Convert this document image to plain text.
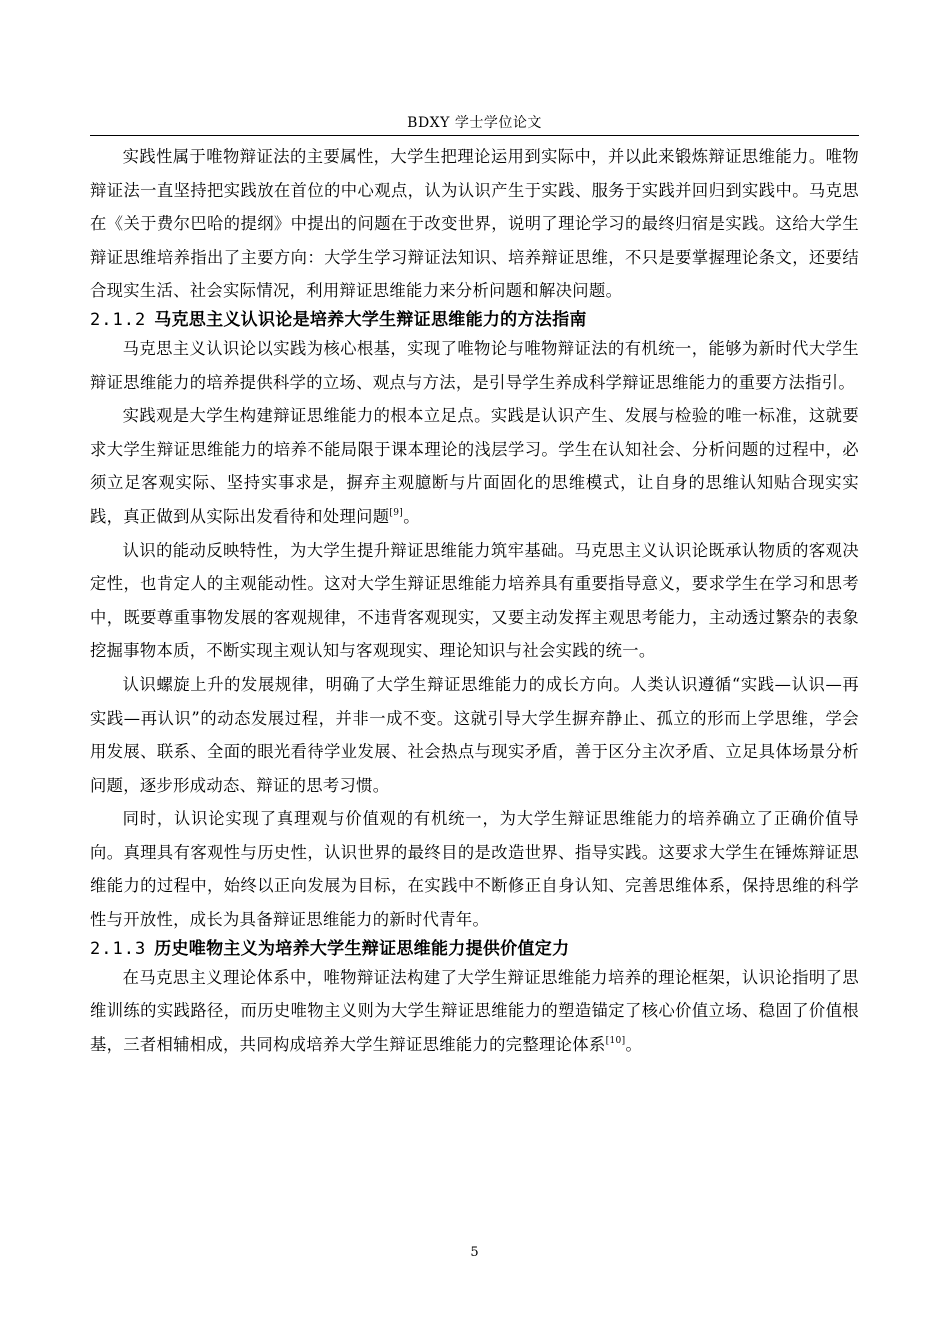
BDXY 学士学位论文

实践性属于唯物辩证法的主要属性，大学生把理论运用到实际中，并以此来锻炼辩证思维能力。唯物辩证法一直坚持把实践放在首位的中心观点，认为认识产生于实践、服务于实践并回归到实践中。马克思在《关于费尔巴哈的提纲》中提出的问题在于改变世界，说明了理论学习的最终归宿是实践。这给大学生辩证思维培养指出了主要方向：大学生学习辩证法知识、培养辩证思维，不只是要掌握理论条文，还要结合现实生活、社会实际情况，利用辩证思维能力来分析问题和解决问题。

2.1.2 马克思主义认识论是培养大学生辩证思维能力的方法指南

马克思主义认识论以实践为核心根基，实现了唯物论与唯物辩证法的有机统一，能够为新时代大学生辩证思维能力的培养提供科学的立场、观点与方法，是引导学生养成科学辩证思维能力的重要方法指引。

实践观是大学生构建辩证思维能力的根本立足点。实践是认识产生、发展与检验的唯一标准，这就要求大学生辩证思维能力的培养不能局限于课本理论的浅层学习。学生在认知社会、分析问题的过程中，必须立足客观实际、坚持实事求是，摒弃主观臆断与片面固化的思维模式，让自身的思维认知贴合现实实践，真正做到从实际出发看待和处理问题[9]。

认识的能动反映特性，为大学生提升辩证思维能力筑牢基础。马克思主义认识论既承认物质的客观决定性，也肯定人的主观能动性。这对大学生辩证思维能力培养具有重要指导意义，要求学生在学习和思考中，既要尊重事物发展的客观规律，不违背客观现实，又要主动发挥主观思考能力，主动透过繁杂的表象挖掘事物本质，不断实现主观认知与客观现实、理论知识与社会实践的统一。

认识螺旋上升的发展规律，明确了大学生辩证思维能力的成长方向。人类认识遵循“实践—认识—再实践—再认识”的动态发展过程，并非一成不变。这就引导大学生摒弃静止、孤立的形而上学思维，学会用发展、联系、全面的眼光看待学业发展、社会热点与现实矛盾，善于区分主次矛盾、立足具体场景分析问题，逐步形成动态、辩证的思考习惯。

同时，认识论实现了真理观与价值观的有机统一，为大学生辩证思维能力的培养确立了正确价值导向。真理具有客观性与历史性，认识世界的最终目的是改造世界、指导实践。这要求大学生在锤炼辩证思维能力的过程中，始终以正向发展为目标，在实践中不断修正自身认知、完善思维体系，保持思维的科学性与开放性，成长为具备辩证思维能力的新时代青年。

2.1.3 历史唯物主义为培养大学生辩证思维能力提供价值定力

在马克思主义理论体系中，唯物辩证法构建了大学生辩证思维能力培养的理论框架，认识论指明了思维训练的实践路径，而历史唯物主义则为大学生辩证思维能力的塑造锚定了核心价值立场、稳固了价值根基，三者相辅相成，共同构成培养大学生辩证思维能力的完整理论体系[10]。

5
